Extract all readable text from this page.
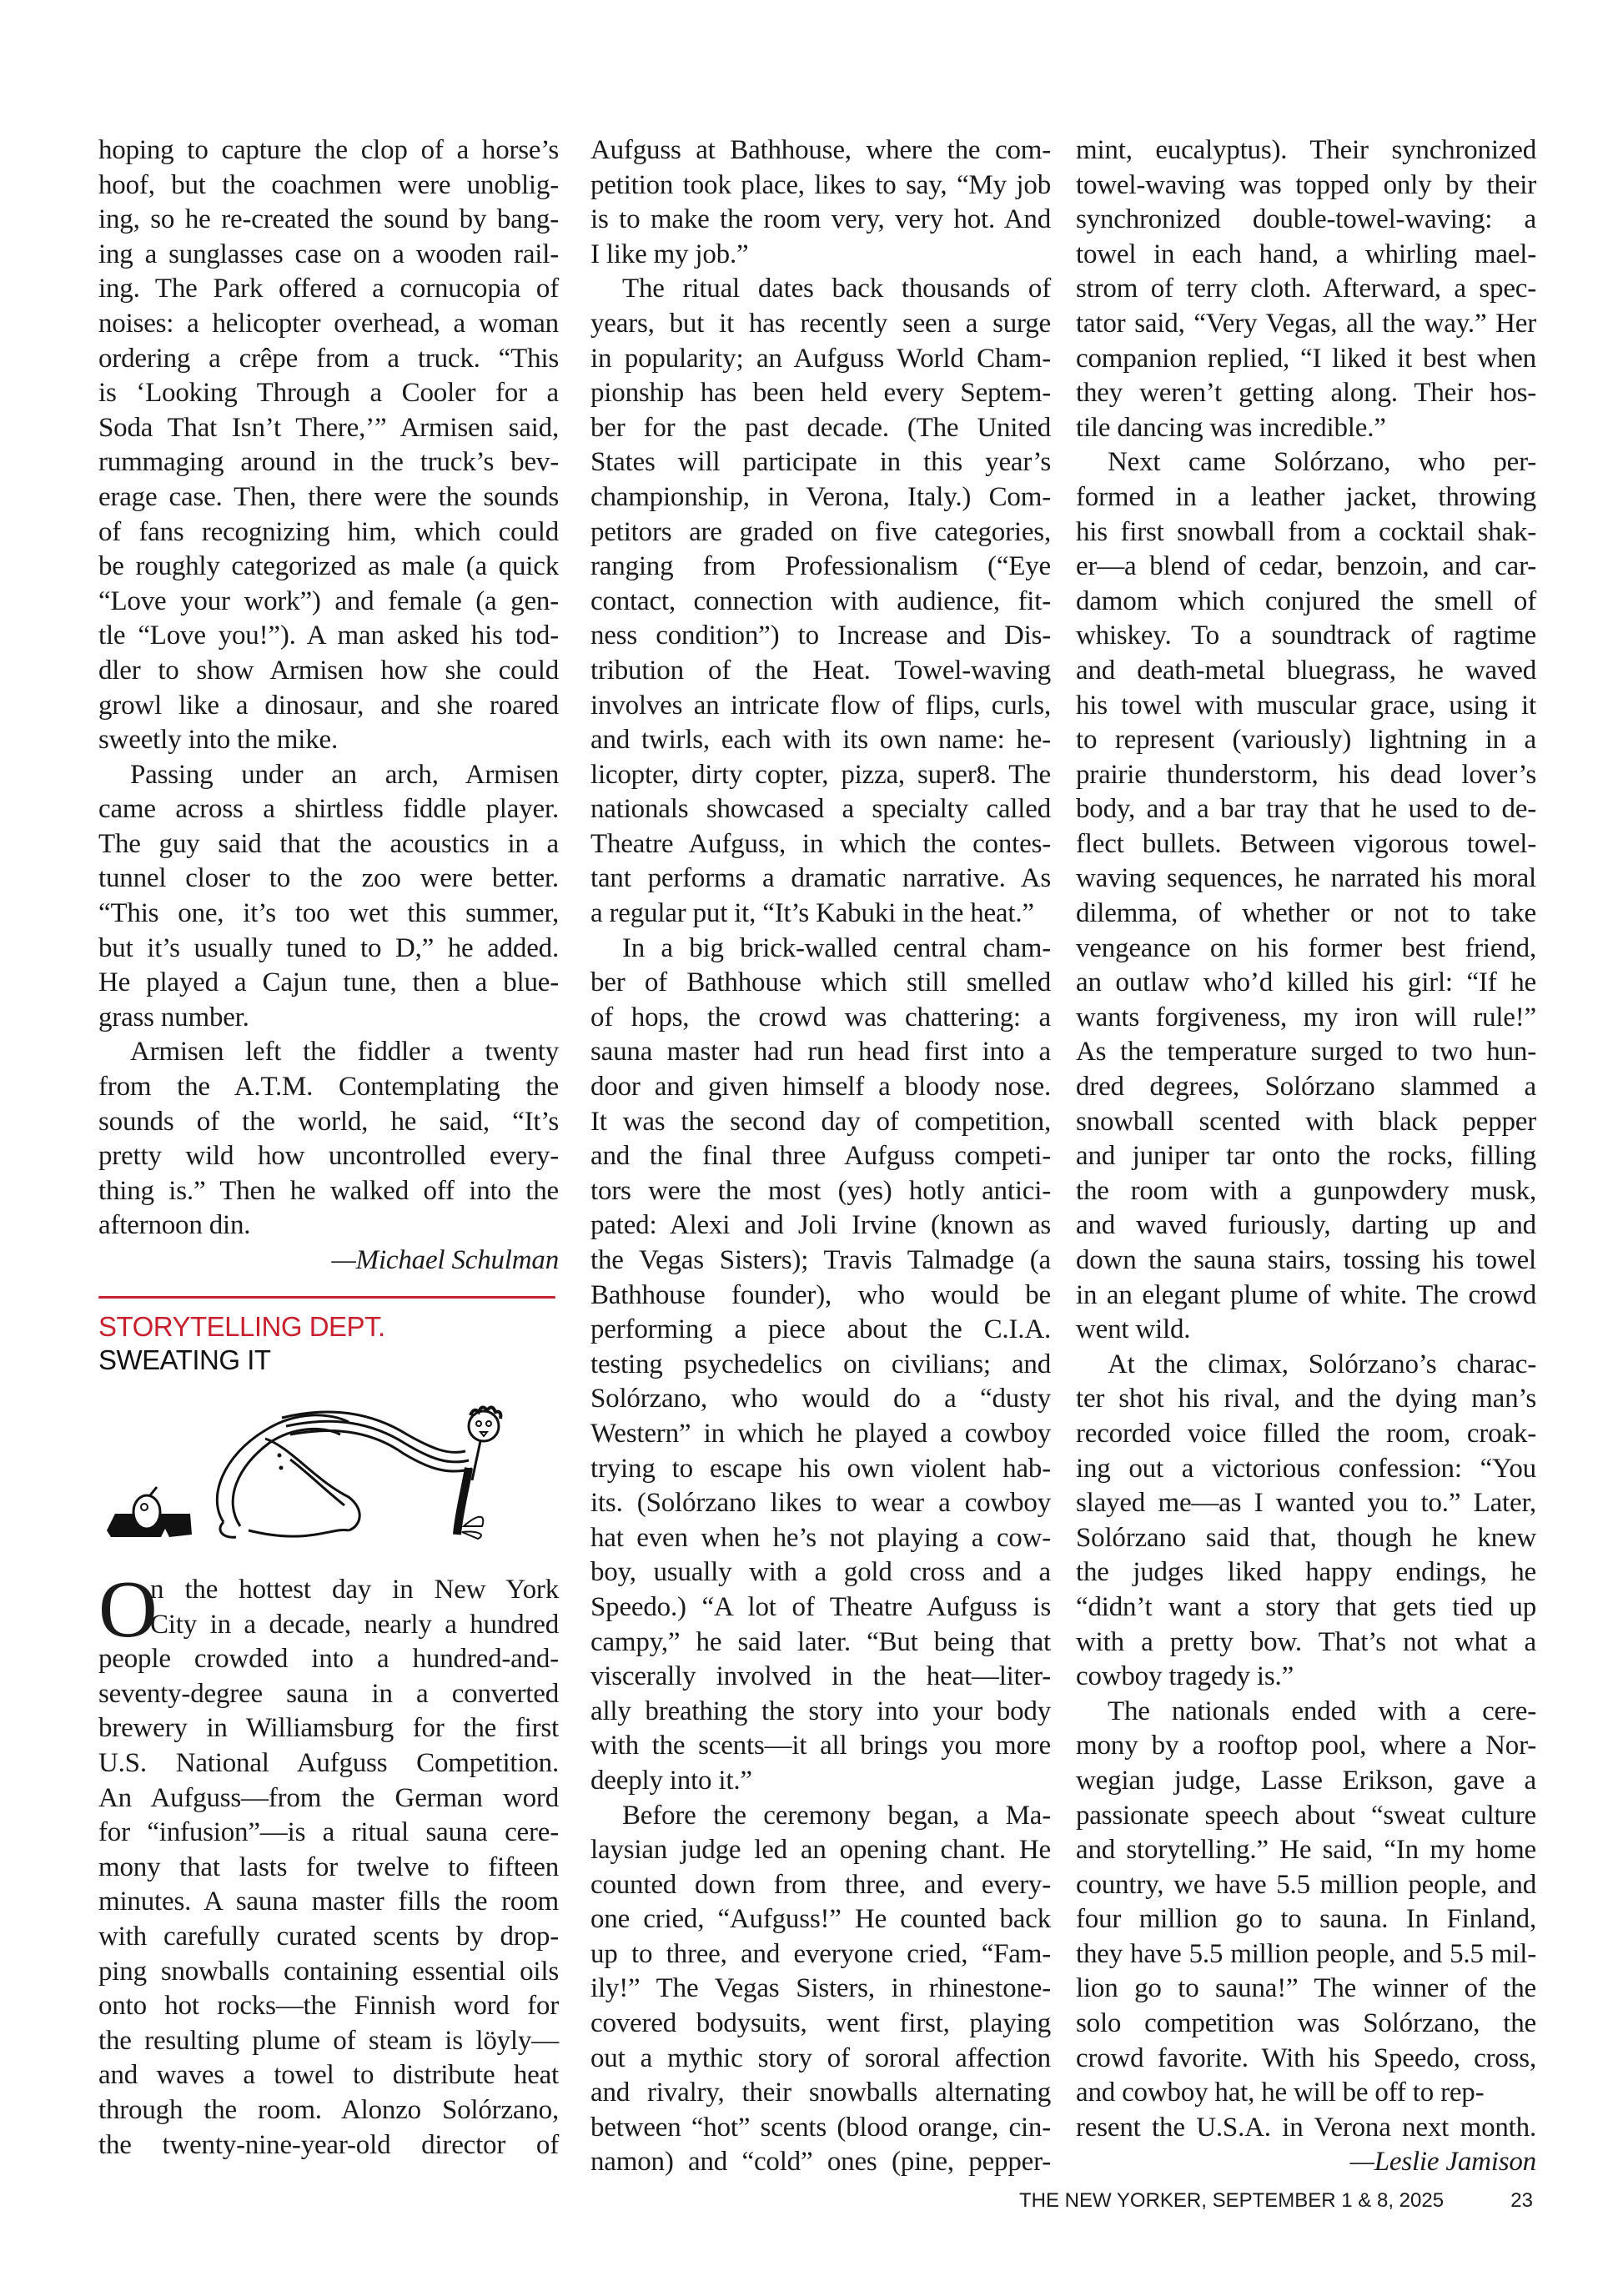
hoping to capture the clop of a horse’s
hoof, but the coachmen were unoblig-
ing, so he re-created the sound by bang-
ing a sunglasses case on a wooden rail-
ing. The Park offered a cornucopia of
noises: a helicopter overhead, a woman
ordering a crêpe from a truck. “This
is ‘Looking Through a Cooler for a
Soda That Isn’t There,’” Armisen said,
rummaging around in the truck’s bev-
erage case. Then, there were the sounds
of fans recognizing him, which could
be roughly categorized as male (a quick
“Love your work”) and female (a gen-
tle “Love you!”). A man asked his tod-
dler to show Armisen how she could
growl like a dinosaur, and she roared
sweetly into the mike.
Passing under an arch, Armisen
came across a shirtless fiddle player.
The guy said that the acoustics in a
tunnel closer to the zoo were better.
“This one, it’s too wet this summer,
but it’s usually tuned to D,” he added.
He played a Cajun tune, then a blue-
grass number.
Armisen left the fiddler a twenty
from the A.T.M. Contemplating the
sounds of the world, he said, “It’s
pretty wild how uncontrolled every-
thing is.” Then he walked off into the
afternoon din.
—Michael Schulman
STORYTELLING DEPT.
SWEATING IT
O
n the hottest day in New York
City in a decade, nearly a hundred
people crowded into a hundred-and-
seventy-degree sauna in a converted
brewery in Williamsburg for the first
U.S. National Aufguss Competition.
An Aufguss—from the German word
for “infusion”—is a ritual sauna cere-
mony that lasts for twelve to fifteen
minutes. A sauna master fills the room
with carefully curated scents by drop-
ping snowballs containing essential oils
onto hot rocks—the Finnish word for
the resulting plume of steam is löyly—
and waves a towel to distribute heat
through the room. Alonzo Solórzano,
the twenty-nine-year-old director of
Aufguss at Bathhouse, where the com-
petition took place, likes to say, “My job
is to make the room very, very hot. And
I like my job.”
The ritual dates back thousands of
years, but it has recently seen a surge
in popularity; an Aufguss World Cham-
pionship has been held every Septem-
ber for the past decade. (The United
States will participate in this year’s
championship, in Verona, Italy.) Com-
petitors are graded on five categories,
ranging from Professionalism (“Eye
contact, connection with audience, fit-
ness condition”) to Increase and Dis-
tribution of the Heat. Towel-waving
involves an intricate flow of flips, curls,
and twirls, each with its own name: he-
licopter, dirty copter, pizza, super8. The
nationals showcased a specialty called
Theatre Aufguss, in which the contes-
tant performs a dramatic narrative. As
a regular put it, “It’s Kabuki in the heat.”
In a big brick-walled central cham-
ber of Bathhouse which still smelled
of hops, the crowd was chattering: a
sauna master had run head first into a
door and given himself a bloody nose.
It was the second day of competition,
and the final three Aufguss competi-
tors were the most (yes) hotly antici-
pated: Alexi and Joli Irvine (known as
the Vegas Sisters); Travis Talmadge (a
Bathhouse founder), who would be
performing a piece about the C.I.A.
testing psychedelics on civilians; and
Solórzano, who would do a “dusty
Western” in which he played a cowboy
trying to escape his own violent hab-
its. (Solórzano likes to wear a cowboy
hat even when he’s not playing a cow-
boy, usually with a gold cross and a
Speedo.) “A lot of Theatre Aufguss is
campy,” he said later. “But being that
viscerally involved in the heat—liter-
ally breathing the story into your body
with the scents—it all brings you more
deeply into it.”
Before the ceremony began, a Ma-
laysian judge led an opening chant. He
counted down from three, and every-
one cried, “Aufguss!” He counted back
up to three, and everyone cried, “Fam-
ily!” The Vegas Sisters, in rhinestone-
covered bodysuits, went first, playing
out a mythic story of sororal affection
and rivalry, their snowballs alternating
between “hot” scents (blood orange, cin-
namon) and “cold” ones (pine, pepper-
mint, eucalyptus). Their synchronized
towel-waving was topped only by their
synchronized double-towel-waving: a
towel in each hand, a whirling mael-
strom of terry cloth. Afterward, a spec-
tator said, “Very Vegas, all the way.” Her
companion replied, “I liked it best when
they weren’t getting along. Their hos-
tile dancing was incredible.”
Next came Solórzano, who per-
formed in a leather jacket, throwing
his first snowball from a cocktail shak-
er—a blend of cedar, benzoin, and car-
damom which conjured the smell of
whiskey. To a soundtrack of ragtime
and death-metal bluegrass, he waved
his towel with muscular grace, using it
to represent (variously) lightning in a
prairie thunderstorm, his dead lover’s
body, and a bar tray that he used to de-
flect bullets. Between vigorous towel-
waving sequences, he narrated his moral
dilemma, of whether or not to take
vengeance on his former best friend,
an outlaw who’d killed his girl: “If he
wants forgiveness, my iron will rule!”
As the temperature surged to two hun-
dred degrees, Solórzano slammed a
snowball scented with black pepper
and juniper tar onto the rocks, filling
the room with a gunpowdery musk,
and waved furiously, darting up and
down the sauna stairs, tossing his towel
in an elegant plume of white. The crowd
went wild.
At the climax, Solórzano’s charac-
ter shot his rival, and the dying man’s
recorded voice filled the room, croak-
ing out a victorious confession: “You
slayed me—as I wanted you to.” Later,
Solórzano said that, though he knew
the judges liked happy endings, he
“didn’t want a story that gets tied up
with a pretty bow. That’s not what a
cowboy tragedy is.”
The nationals ended with a cere-
mony by a rooftop pool, where a Nor-
wegian judge, Lasse Erikson, gave a
passionate speech about “sweat culture
and storytelling.” He said, “In my home
country, we have 5.5 million people, and
four million go to sauna. In Finland,
they have 5.5 million people, and 5.5 mil-
lion go to sauna!” The winner of the
solo competition was Solórzano, the
crowd favorite. With his Speedo, cross,
and cowboy hat, he will be off to rep-
resent the U.S.A. in Verona next month.
—Leslie Jamison
THE NEW YORKER, SEPTEMBER 1 & 8, 2025	23
